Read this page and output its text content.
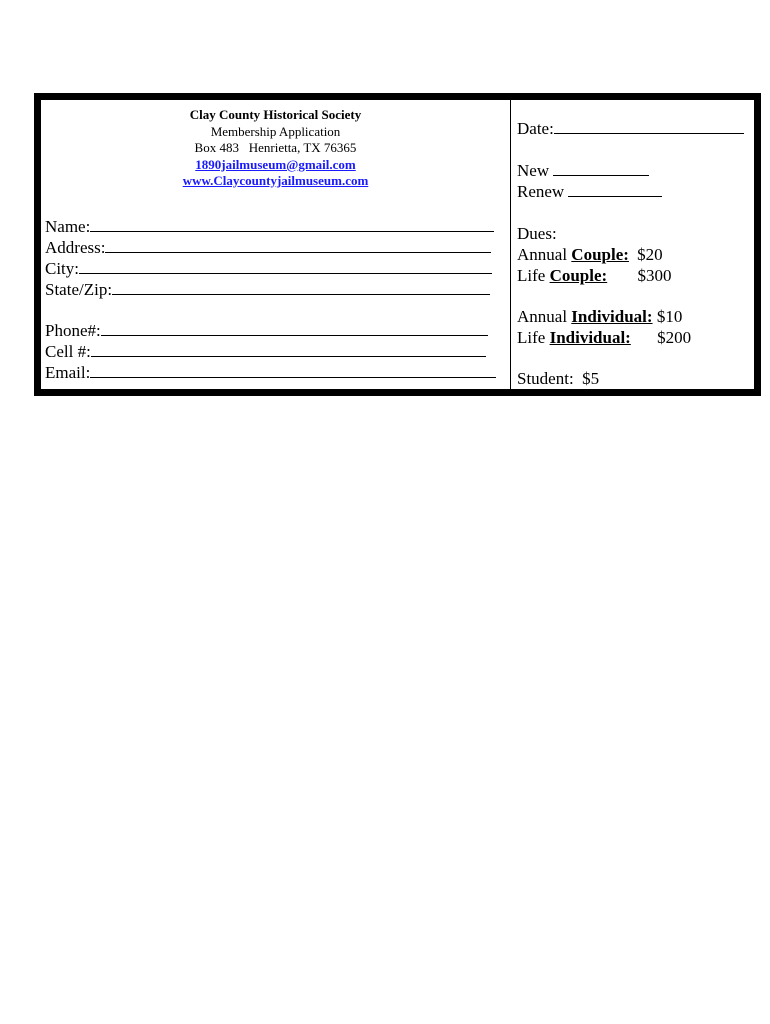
Clay County Historical Society
Membership Application
Box 483   Henrietta, TX 76365
1890jailmuseum@gmail.com
www.Claycountyjailmuseum.com
Name:
Address:
City:
State/Zip:
Phone#:
Cell #:
Email:
Date:
New
Renew
Dues:
Annual Couple: $20
Life Couple: $300
Annual Individual: $10
Life Individual: $200
Student:  $5
